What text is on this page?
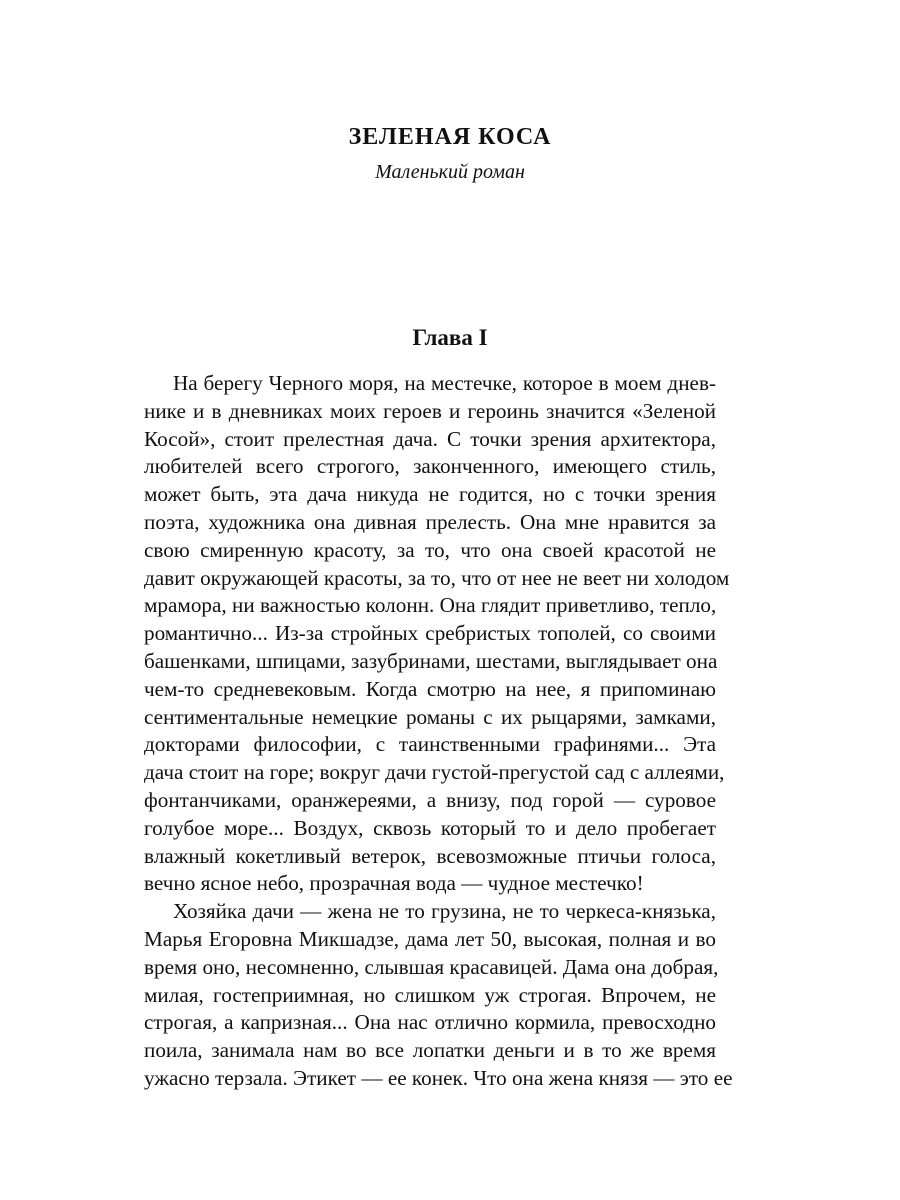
ЗЕЛЕНАЯ КОСА
Маленький роман
Глава I
На берегу Черного моря, на местечке, которое в моем днев-
нике и в дневниках моих героев и героинь значится «Зеленой
Косой», стоит прелестная дача. С точки зрения архитектора,
любителей всего строгого, законченного, имеющего стиль,
может быть, эта дача никуда не годится, но с точки зрения
поэта, художника она дивная прелесть. Она мне нравится за
свою смиренную красоту, за то, что она своей красотой не
давит окружающей красоты, за то, что от нее не веет ни холодом
мрамора, ни важностью колонн. Она глядит приветливо, тепло,
романтично... Из-за стройных сребристых тополей, со своими
башенками, шпицами, зазубринами, шестами, выглядывает она
чем-то средневековым. Когда смотрю на нее, я припоминаю
сентиментальные немецкие романы с их рыцарями, замками,
докторами философии, с таинственными графинями... Эта
дача стоит на горе; вокруг дачи густой-прегустой сад с аллеями,
фонтанчиками, оранжереями, а внизу, под горой — суровое
голубое море... Воздух, сквозь который то и дело пробегает
влажный кокетливый ветерок, всевозможные птичьи голоса,
вечно ясное небо, прозрачная вода — чудное местечко!
Хозяйка дачи — жена не то грузина, не то черкеса-князька,
Марья Егоровна Микшадзе, дама лет 50, высокая, полная и во
время оно, несомненно, слывшая красавицей. Дама она добрая,
милая, гостеприимная, но слишком уж строгая. Впрочем, не
строгая, а капризная... Она нас отлично кормила, превосходно
поила, занимала нам во все лопатки деньги и в то же время
ужасно терзала. Этикет — ее конек. Что она жена князя — это ее
